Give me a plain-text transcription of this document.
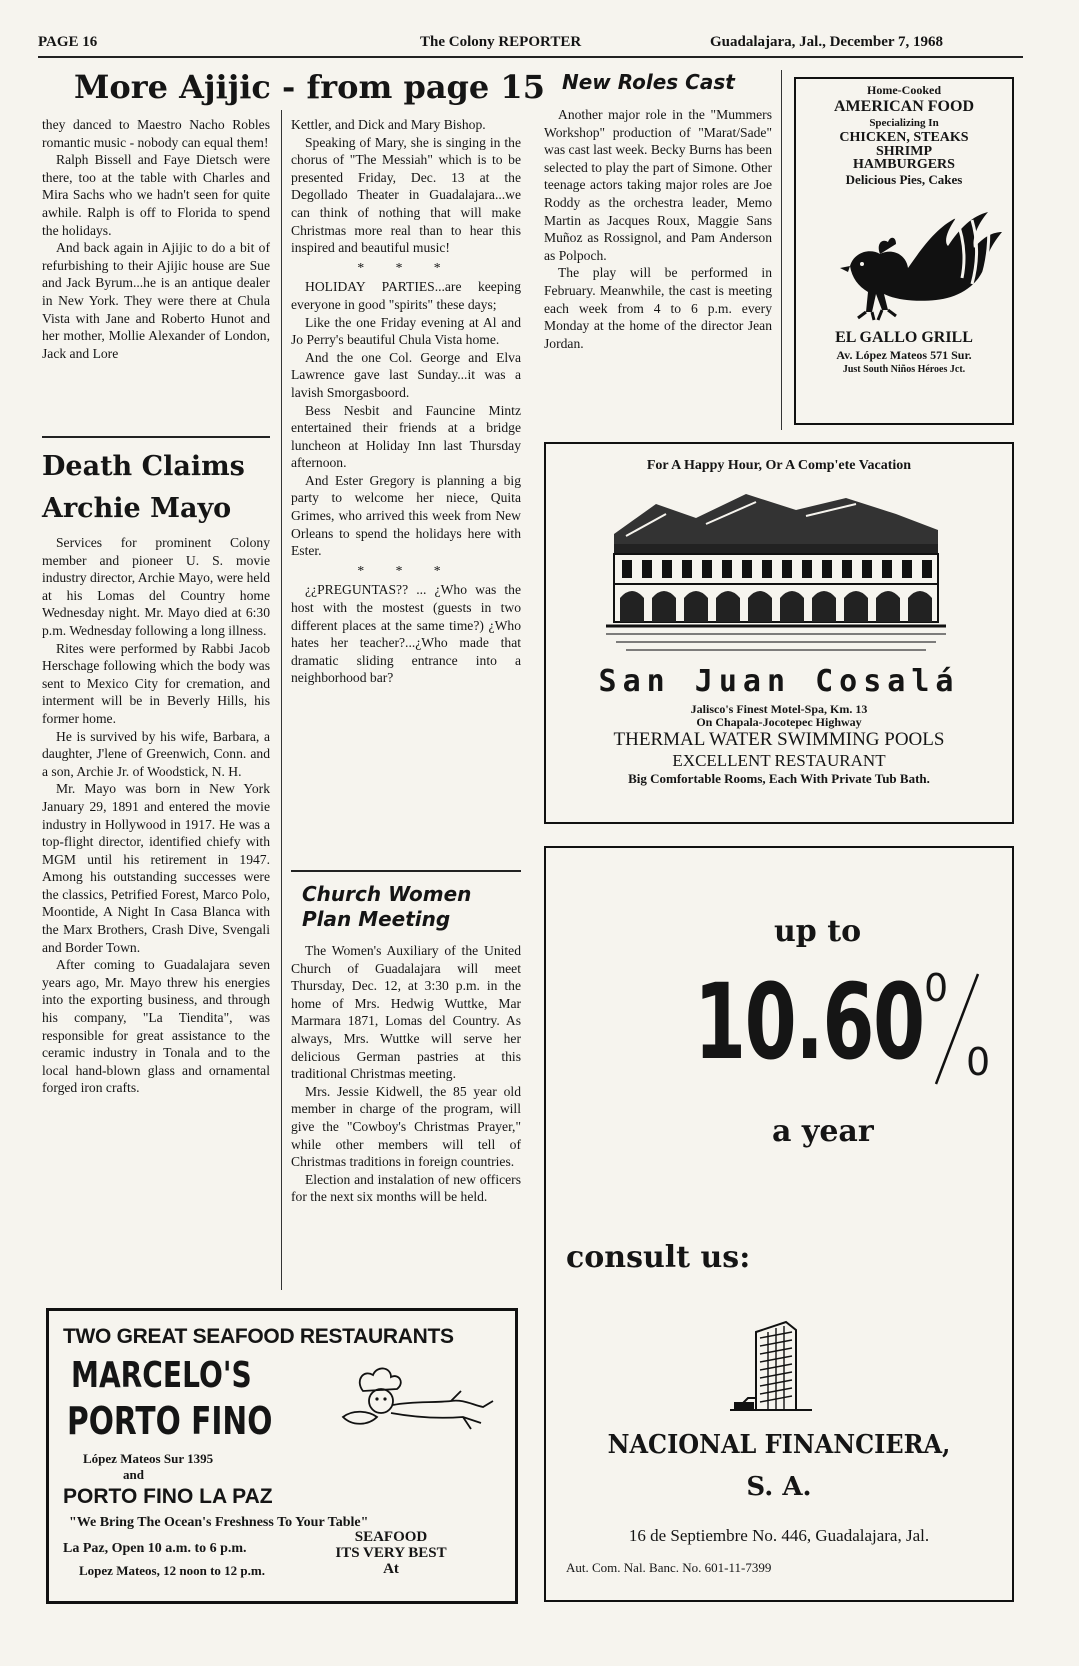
PAGE 16	The Colony REPORTER	Guadalajara, Jal., December 7, 1968
More Ajijic - from page 15

they danced to Maestro Nacho Robles romantic music - nobody can equal them!

Ralph Bissell and Faye Dietsch were there, too at the table with Charles and Mira Sachs who we hadn't seen for quite awhile. Ralph is off to Florida to spend the holidays.

And back again in Ajijic to do a bit of refurbishing to their Ajijic house are Sue and Jack Byrum...he is an antique dealer in New York. They were there at Chula Vista with Jane and Roberto Hunot and her mother, Mollie Alexander of London, Jack and Lore

Death Claims
Archie Mayo

Services for prominent Colony member and pioneer U. S. movie industry director, Archie Mayo, were held at his Lomas del Country home Wednesday night. Mr. Mayo died at 6:30 p.m. Wednesday following a long illness.

Rites were performed by Rabbi Jacob Herschage following which the body was sent to Mexico City for cremation, and interment will be in Beverly Hills, his former home.

He is survived by his wife, Barbara, a daughter, J'lene of Greenwich, Conn. and a son, Archie Jr. of Woodstick, N. H.

Mr. Mayo was born in New York January 29, 1891 and entered the movie industry in Hollywood in 1917. He was a top-flight director, identified chiefy with MGM until his retirement in 1947. Among his outstanding successes were the classics, Petrified Forest, Marco Polo, Moontide, A Night In Casa Blanca with the Marx Brothers, Crash Dive, Svengali and Border Town.

After coming to Guadalajara seven years ago, Mr. Mayo threw his energies into the exporting business, and through his company, "La Tiendita", was responsible for great assistance to the ceramic industry in Tonala and to the local hand-blown glass and ornamental forged iron crafts.

Kettler, and Dick and Mary Bishop.

Speaking of Mary, she is singing in the chorus of "The Messiah" which is to be presented Friday, Dec. 13 at the Degollado Theater in Guadalajara...we can think of nothing that will make Christmas more real than to hear this inspired and beautiful music!

* * *

HOLIDAY PARTIES...are keeping everyone in good "spirits" these days;

Like the one Friday evening at Al and Jo Perry's beautiful Chula Vista home.

And the one Col. George and Elva Lawrence gave last Sunday...it was a lavish Smorgasboord.

Bess Nesbit and Fauncine Mintz entertained their friends at a bridge luncheon at Holiday Inn last Thursday afternoon.

And Ester Gregory is planning a big party to welcome her niece, Quita Grimes, who arrived this week from New Orleans to spend the holidays here with Ester.

* * *

¿¿PREGUNTAS?? ... ¿Who was the host with the mostest (guests in two different places at the same time?) ¿Who hates her teacher?...¿Who made that dramatic sliding entrance into a neighborhood bar?

Church Women
Plan Meeting

The Women's Auxiliary of the United Church of Guadalajara will meet Thursday, Dec. 12, at 3:30 p.m. in the home of Mrs. Hedwig Wuttke, Mar Marmara 1871, Lomas del Country. As always, Mrs. Wuttke will serve her delicious German pastries at this traditional Christmas meeting.

Mrs. Jessie Kidwell, the 85 year old member in charge of the program, will give the "Cowboy's Christmas Prayer," while other members will tell of Christmas traditions in foreign countries.

Election and instalation of new officers for the next six months will be held.

New Roles Cast

Another major role in the "Mummers Workshop" production of "Marat/Sade" was cast last week. Becky Burns has been selected to play the part of Simone. Other teenage actors taking major roles are Joe Roddy as the orchestra leader, Memo Martin as Jacques Roux, Maggie Sans Muñoz as Rossignol, and Pam Anderson as Polpoch.

The play will be performed in February. Meanwhile, the cast is meeting each week from 4 to 6 p.m. every Monday at the home of the director Jean Jordan.

Home-Cooked
AMERICAN FOOD
Specializing In
CHICKEN, STEAKS
SHRIMP
HAMBURGERS
Delicious Pies, Cakes
EL GALLO GRILL
Av. López Mateos 571 Sur.
Just South Niños Héroes Jct.
For A Happy Hour, Or A Comp'ete Vacation
San Juan Cosalá
Jalisco's Finest Motel-Spa, Km. 13
On Chapala-Jocotepec Highway
THERMAL WATER SWIMMING POOLS
EXCELLENT RESTAURANT
Big Comfortable Rooms, Each With Private Tub Bath.
up to
10.60 0
0
a year
consult us:
NACIONAL FINANCIERA,
S. A.
16 de Septiembre No. 446, Guadalajara, Jal.
Aut. Com. Nal. Banc. No. 601-11-7399
TWO GREAT SEAFOOD RESTAURANTS
MARCELO'S
PORTO FINO
López Mateos Sur 1395
and
PORTO FINO LA PAZ
"We Bring The Ocean's Freshness To Your Table"
La Paz, Open 10 a.m. to 6 p.m.
Lopez Mateos, 12 noon to 12 p.m.
SEAFOOD
ITS VERY BEST
At
